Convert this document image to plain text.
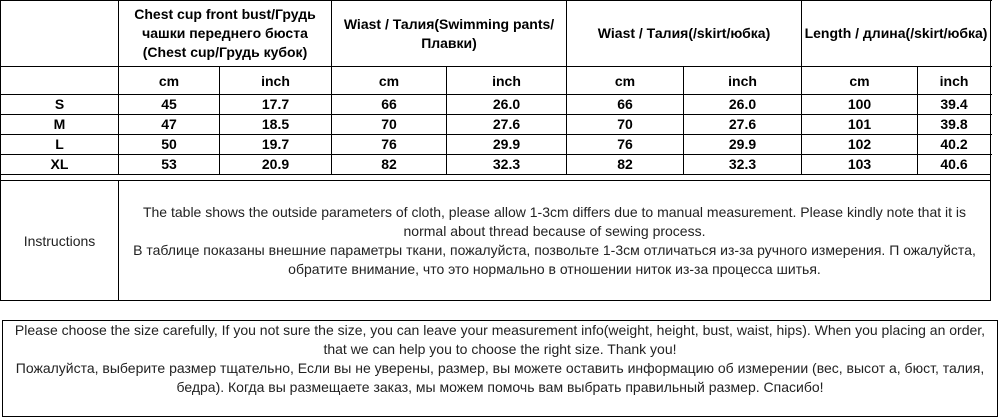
	Chest cup front bust/Грудь чашки переднего бюста (Chest cup/Грудь кубок)		Wiast / Талия(Swimming pants/Плавки)		Wiast / Талия(/skirt/юбка)		Length / длина(/skirt/юбка)	
	cm	inch	cm	inch	cm	inch	cm	inch
S	45	17.7	66	26.0	66	26.0	100	39.4
M	47	18.5	70	27.6	70	27.6	101	39.8
L	50	19.7	76	29.9	76	29.9	102	40.2
XL	53	20.9	82	32.3	82	32.3	103	40.6

Instructions	The table shows the outside parameters of cloth, please allow 1-3cm differs due to manual measurement. Please kindly note that it is normal about thread because of sewing process.
В таблице показаны внешние параметры ткани, пожалуйста, позвольте 1-3см отличаться из-за ручного измерения. П ожалуйста, обратите внимание, что это нормально в отношении ниток из-за процесса шитья.							
Please choose the size carefully, If you not sure the size, you can leave your measurement info(weight, height, bust, waist, hips). When you placing an order, that we can help you to choose the right size. Thank you!
Пожалуйста, выберите размер тщательно, Если вы не уверены, размер, вы можете оставить информацию об измерении (вес, высот а, бюст, талия, бедра). Когда вы размещаете заказ, мы можем помочь вам выбрать правильный размер. Спасибо!
